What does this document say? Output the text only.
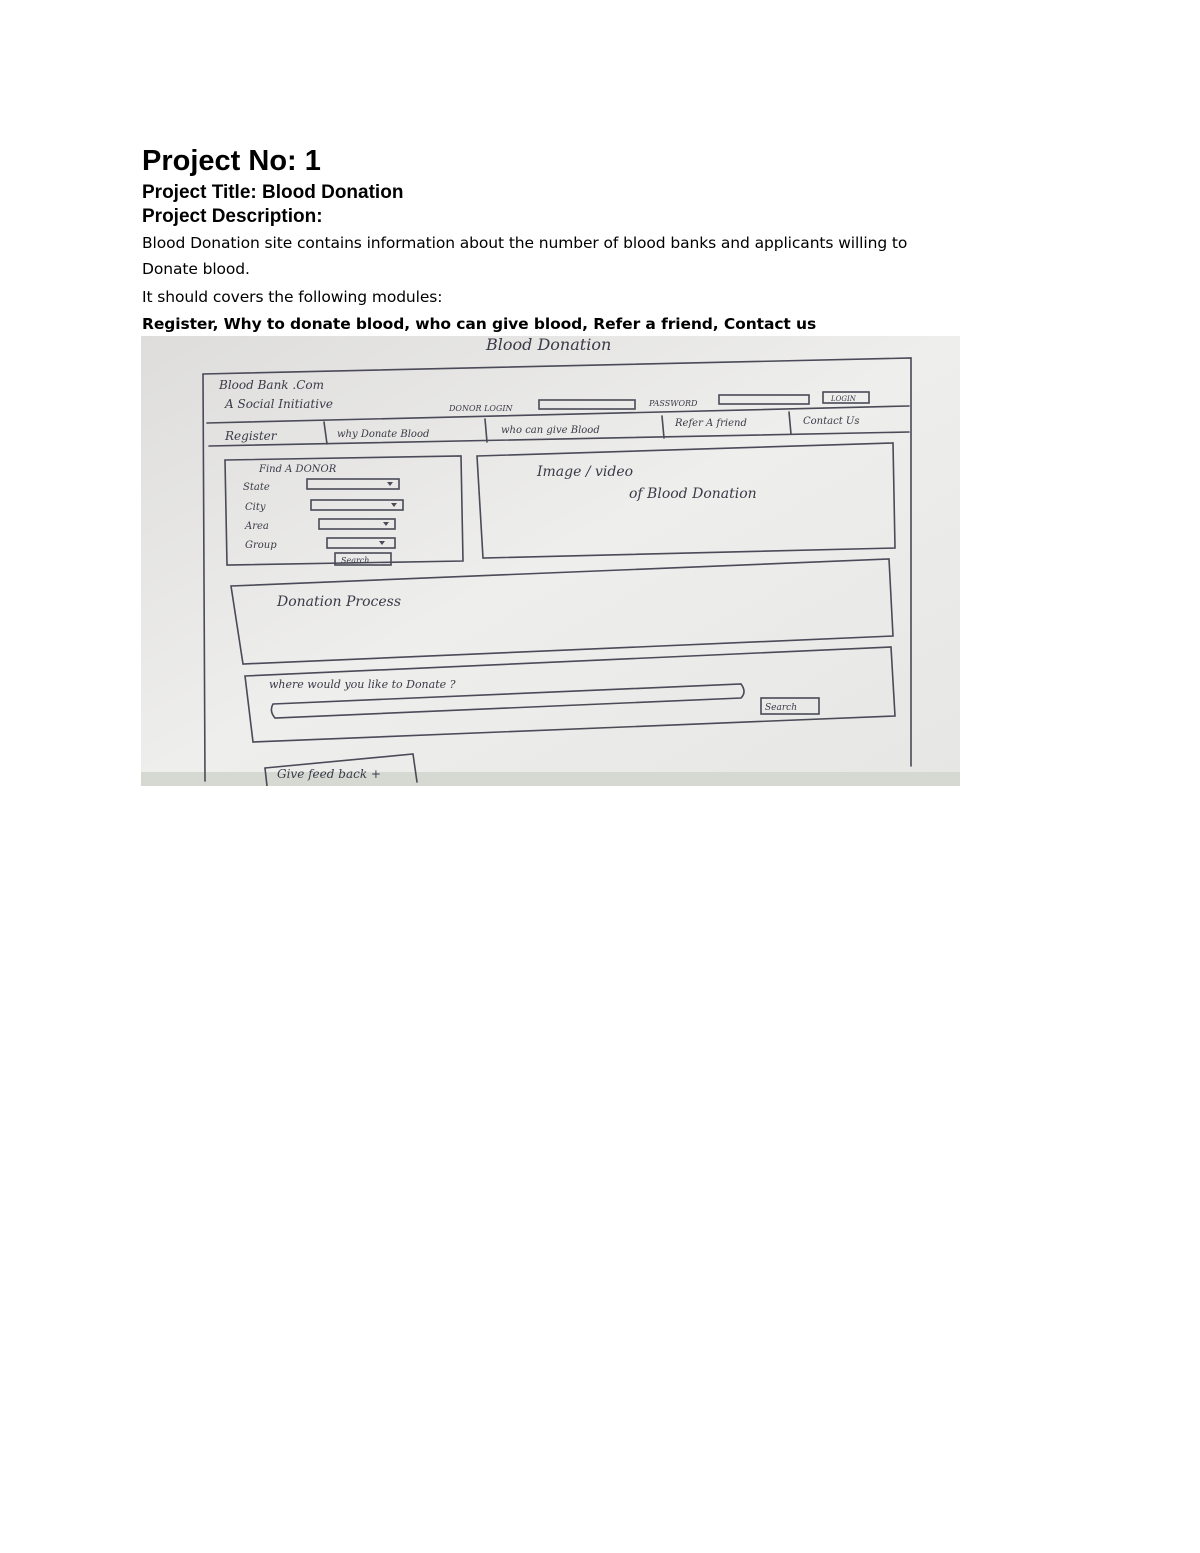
Project No: 1
Project Title: Blood Donation
Project Description:
Blood Donation site contains information about the number of blood banks and applicants willing to
Donate blood.
It should covers the following modules:
Register, Why to donate blood, who can give blood, Refer a friend, Contact us
Blood Donation
Blood Bank .Com
A Social Initiative	DONOR LOGIN
PASSWORD	LOGIN
Register	why Donate Blood	who can give Blood
Refer A friend	Contact Us
Find A DONOR
State
City
Area
Group
Search
Image / video
of Blood Donation
Donation Process
where would you like to Donate ?
Search
Give feed back +
